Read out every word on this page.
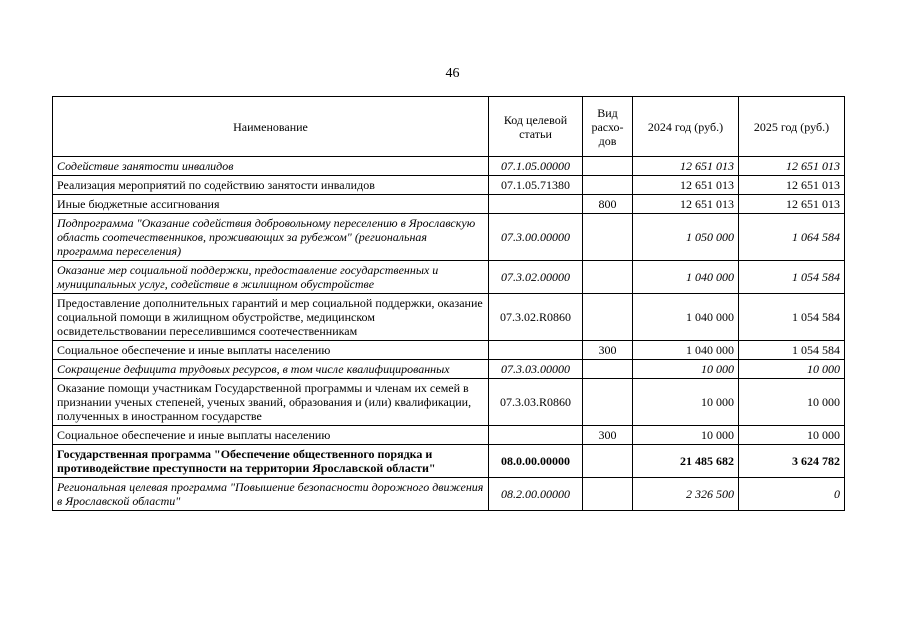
46
Наименование	Код целевой статьи	Вид расхо-дов	2024 год (руб.)	2025 год (руб.)
Содействие занятости инвалидов	07.1.05.00000		12 651 013	12 651 013
Реализация мероприятий по содействию занятости инвалидов	07.1.05.71380		12 651 013	12 651 013
Иные бюджетные ассигнования		800	12 651 013	12 651 013
Подпрограмма "Оказание содействия добровольному переселению в Ярославскую область соотечественников, проживающих за рубежом" (региональная программа переселения)	07.3.00.00000		1 050 000	1 064 584
Оказание мер социальной поддержки, предоставление государственных и муниципальных услуг, содействие в жилищном обустройстве	07.3.02.00000		1 040 000	1 054 584
Предоставление дополнительных гарантий и мер социальной поддержки, оказание социальной помощи в жилищном обустройстве, медицинском освидетельствовании переселившимся соотечественникам	07.3.02.R0860		1 040 000	1 054 584
Социальное обеспечение и иные выплаты населению		300	1 040 000	1 054 584
Сокращение дефицита трудовых ресурсов, в том числе квалифицированных	07.3.03.00000		10 000	10 000
Оказание помощи участникам Государственной программы и членам их семей в признании ученых степеней, ученых званий, образования и (или) квалификации, полученных в иностранном государстве	07.3.03.R0860		10 000	10 000
Социальное обеспечение и иные выплаты населению		300	10 000	10 000
Государственная программа "Обеспечение общественного порядка и противодействие преступности на территории Ярославской области"	08.0.00.00000		21 485 682	3 624 782
Региональная целевая программа "Повышение безопасности дорожного движения в Ярославской области"	08.2.00.00000		2 326 500	0
